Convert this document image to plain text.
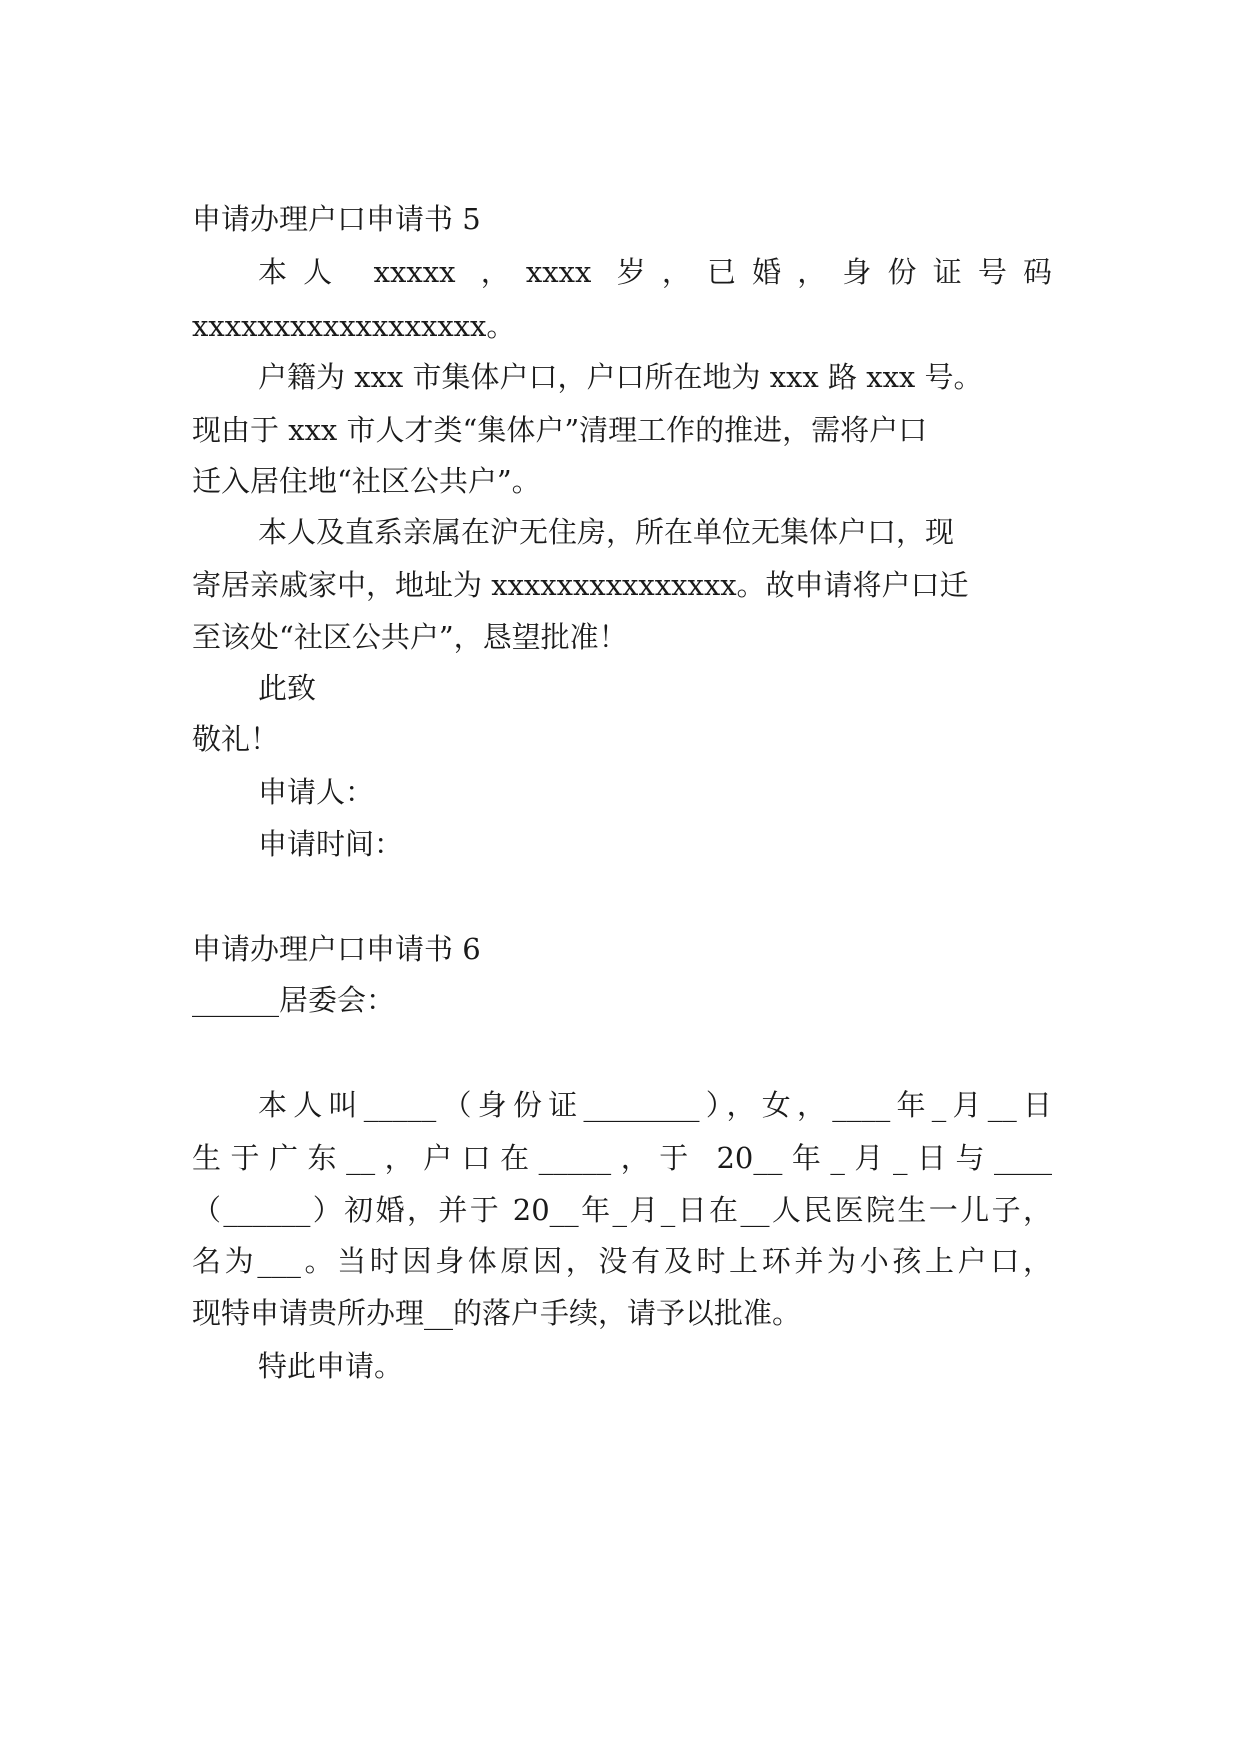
申请办理户口申请书 5
本人 xxxxx ，xxxx 岁，已婚，身份证号码
xxxxxxxxxxxxxxxxxx。
户籍为 xxx 市集体户口，户口所在地为 xxx 路 xxx 号。
现由于 xxx 市人才类“集体户”清理工作的推进，需将户口
迁入居住地“社区公共户”。
本人及直系亲属在沪无住房，所在单位无集体户口，现
寄居亲戚家中，地址为 xxxxxxxxxxxxxxx。故申请将户口迁
至该处“社区公共户”，恳望批准！
此致
敬礼！
申请人：
申请时间：
申请办理户口申请书 6
______居委会：
本人叫_____（身份证________），女，____年_月__日
生于广东__，户口在_____，于 20__年_月_日与____
（______）初婚，并于 20__年_月_日在__人民医院生一儿子，
名为___。当时因身体原因，没有及时上环并为小孩上户口，
现特申请贵所办理__的落户手续，请予以批准。
特此申请。
